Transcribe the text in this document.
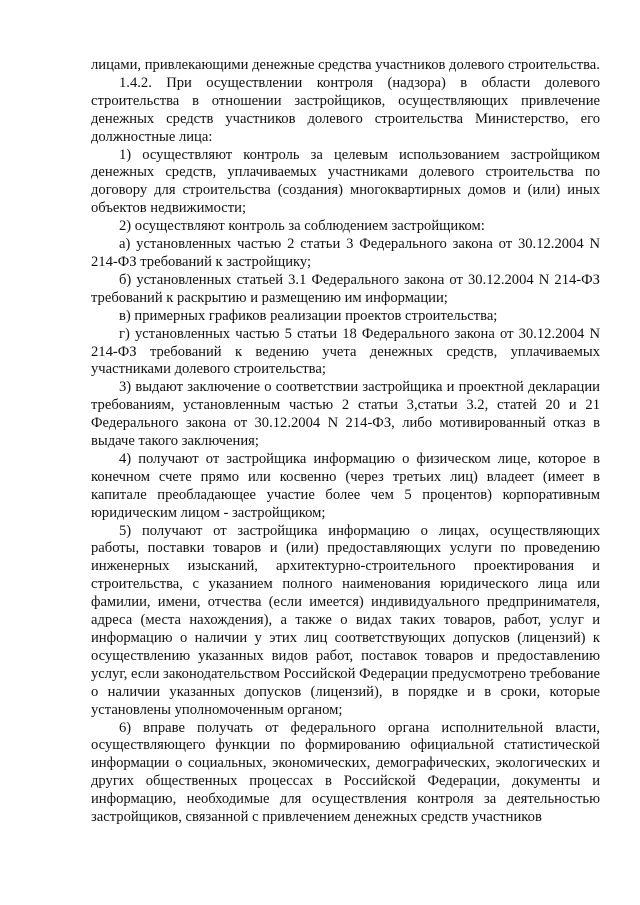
лицами, привлекающими денежные средства участников долевого строительства.

1.4.2. При осуществлении контроля (надзора) в области долевого строительства в отношении застройщиков, осуществляющих привлечение денежных средств участников долевого строительства Министерство, его должностные лица:

1) осуществляют контроль за целевым использованием застройщиком денежных средств, уплачиваемых участниками долевого строительства по договору для строительства (создания) многоквартирных домов и (или) иных объектов недвижимости;

2) осуществляют контроль за соблюдением застройщиком:

а) установленных частью 2 статьи 3 Федерального закона от 30.12.2004 N 214-ФЗ требований к застройщику;

б) установленных статьей 3.1 Федерального закона от 30.12.2004 N 214-ФЗ требований к раскрытию и размещению им информации;

в) примерных графиков реализации проектов строительства;

г) установленных частью 5 статьи 18 Федерального закона от 30.12.2004 N 214-ФЗ требований к ведению учета денежных средств, уплачиваемых участниками долевого строительства;

3) выдают заключение о соответствии застройщика и проектной декларации требованиям, установленным частью 2 статьи 3,статьи 3.2, статей 20 и 21 Федерального закона от 30.12.2004 N 214-ФЗ, либо мотивированный отказ в выдаче такого заключения;

4) получают от застройщика информацию о физическом лице, которое в конечном счете прямо или косвенно (через третьих лиц) владеет (имеет в капитале преобладающее участие более чем 5 процентов) корпоративным юридическим лицом - застройщиком;

5) получают от застройщика информацию о лицах, осуществляющих работы, поставки товаров и (или) предоставляющих услуги по проведению инженерных изысканий, архитектурно-строительного проектирования и строительства, с указанием полного наименования юридического лица или фамилии, имени, отчества (если имеется) индивидуального предпринимателя, адреса (места нахождения), а также о видах таких товаров, работ, услуг и информацию о наличии у этих лиц соответствующих допусков (лицензий) к осуществлению указанных видов работ, поставок товаров и предоставлению услуг, если законодательством Российской Федерации предусмотрено требование о наличии указанных допусков (лицензий), в порядке и в сроки, которые установлены уполномоченным органом;

6) вправе получать от федерального органа исполнительной власти, осуществляющего функции по формированию официальной статистической информации о социальных, экономических, демографических, экологических и других общественных процессах в Российской Федерации, документы и информацию, необходимые для осуществления контроля за деятельностью застройщиков, связанной с привлечением денежных средств участников
